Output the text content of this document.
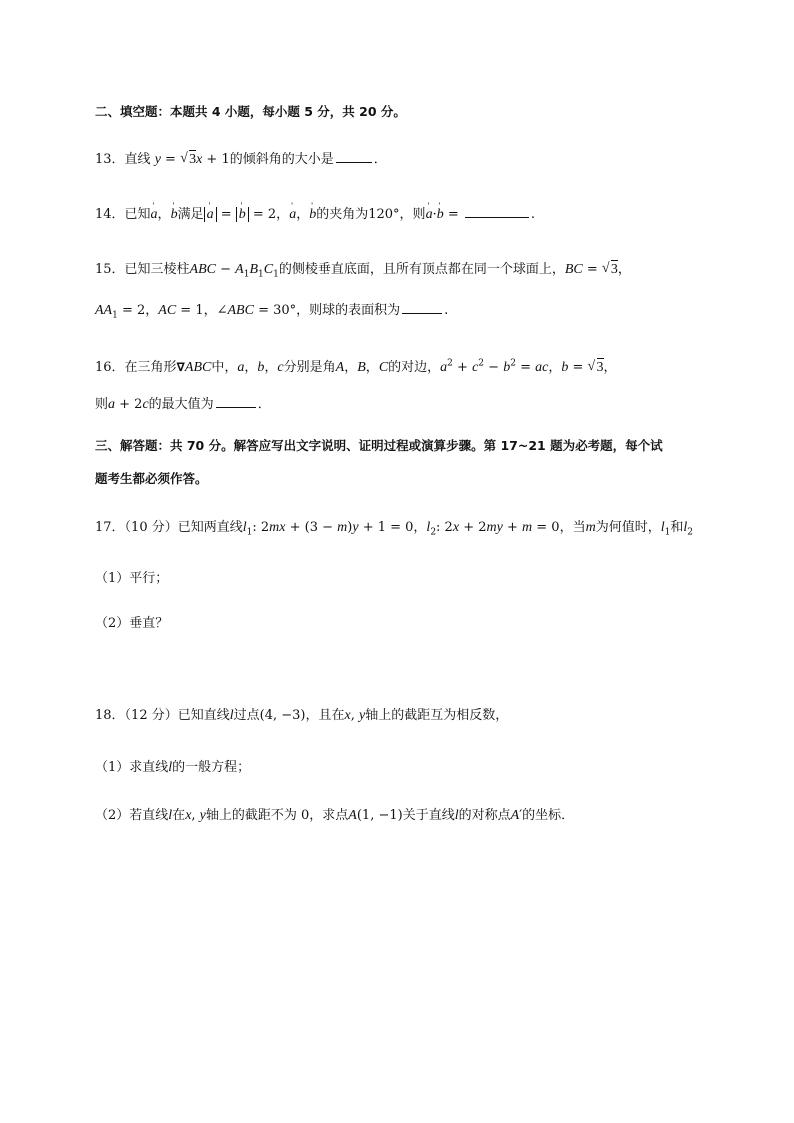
二、填空题：本题共 4 小题，每小题 5 分，共 20 分。
13．直线 y = √ 3x + 1的倾斜角的大小是	．
14．已知a '，b '满足 a ' = b ' = 2，a '，b '的夹角为120°，则a '·b ' =	.
15．已知三棱柱ABC − $A_1B_1C_1$的侧棱垂直底面，且所有顶点都在同一个球面上，BC = √ 3，
$AA_1 = 2$，AC = 1，∠ABC = 30°，则球的表面积为	.
16．在三角形∇ABC中，a，b，c分别是角A，B，C的对边，$a^2 + c^2 - b^2$ = ac，b = √ 3，
则a + 2c的最大值为	．
三、解答题：共 70 分。解答应写出文字说明、证明过程或演算步骤。第 17~21 题为必考题，每个试
题考生都必须作答。
17．（10 分）已知两直线$l_1$: 2mx + (3 − m)y + 1 = 0，$l_2$: 2x + 2my + m = 0，当m为何值时，$l_1$和$l_2$
（1）平行；
（2）垂直？
18．（12 分）已知直线l过点(4, −3)，且在x, y轴上的截距互为相反数，
（1）求直线l的一般方程；
（2）若直线l在x, y轴上的截距不为 0，求点A(1, −1)关于直线l的对称点A′的坐标．
